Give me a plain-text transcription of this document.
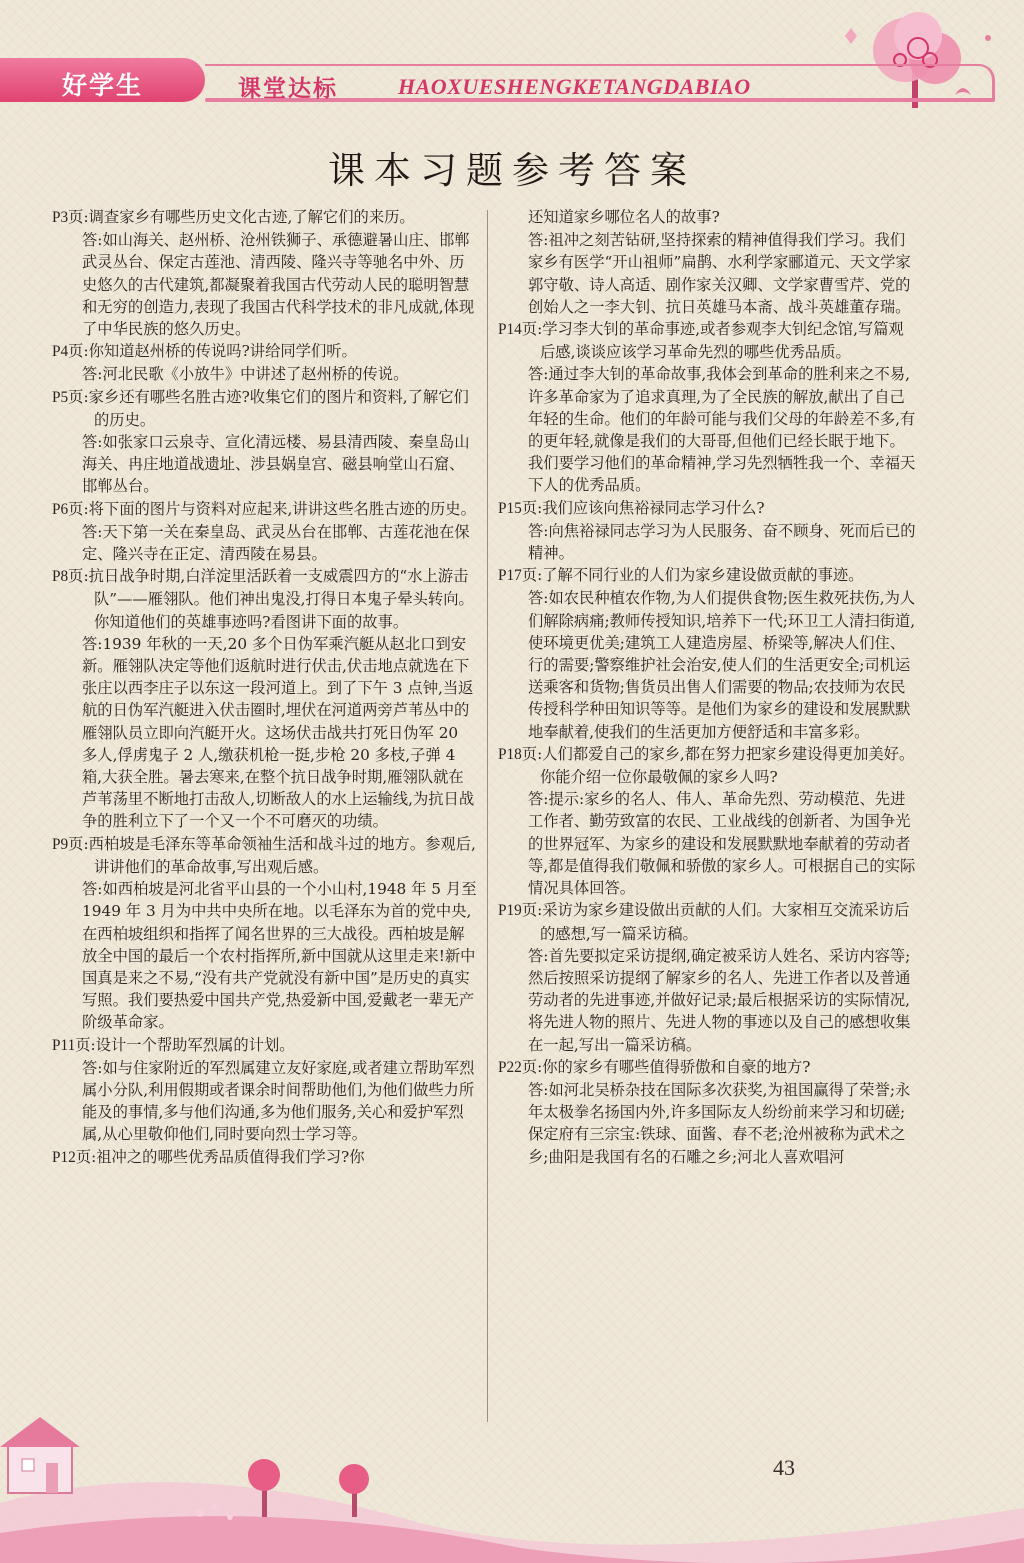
好学生	课堂达标	HAOXUESHENGKETANGDABIAO
课本习题参考答案
P3页:调查家乡有哪些历史文化古迹,了解它们的来历。
答:如山海关、赵州桥、沧州铁狮子、承德避暑山庄、邯郸武灵丛台、保定古莲池、清西陵、隆兴寺等驰名中外、历史悠久的古代建筑,都凝聚着我国古代劳动人民的聪明智慧和无穷的创造力,表现了我国古代科学技术的非凡成就,体现了中华民族的悠久历史。
P4页:你知道赵州桥的传说吗?讲给同学们听。
答:河北民歌《小放牛》中讲述了赵州桥的传说。
P5页:家乡还有哪些名胜古迹?收集它们的图片和资料,了解它们的历史。
答:如张家口云泉寺、宣化清远楼、易县清西陵、秦皇岛山海关、冉庄地道战遗址、涉县娲皇宫、磁县响堂山石窟、邯郸丛台。
P6页:将下面的图片与资料对应起来,讲讲这些名胜古迹的历史。
答:天下第一关在秦皇岛、武灵丛台在邯郸、古莲花池在保定、隆兴寺在正定、清西陵在易县。
P8页:抗日战争时期,白洋淀里活跃着一支威震四方的“水上游击队”——雁翎队。他们神出鬼没,打得日本鬼子晕头转向。你知道他们的英雄事迹吗?看图讲下面的故事。
答:1939 年秋的一天,20 多个日伪军乘汽艇从赵北口到安新。雁翎队决定等他们返航时进行伏击,伏击地点就选在下张庄以西李庄子以东这一段河道上。到了下午 3 点钟,当返航的日伪军汽艇进入伏击圈时,埋伏在河道两旁芦苇丛中的雁翎队员立即向汽艇开火。这场伏击战共打死日伪军 20 多人,俘虏鬼子 2 人,缴获机枪一挺,步枪 20 多枝,子弹 4 箱,大获全胜。暑去寒来,在整个抗日战争时期,雁翎队就在芦苇荡里不断地打击敌人,切断敌人的水上运输线,为抗日战争的胜利立下了一个又一个不可磨灭的功绩。
P9页:西柏坡是毛泽东等革命领袖生活和战斗过的地方。参观后,讲讲他们的革命故事,写出观后感。
答:如西柏坡是河北省平山县的一个小山村,1948 年 5 月至 1949 年 3 月为中共中央所在地。以毛泽东为首的党中央,在西柏坡组织和指挥了闻名世界的三大战役。西柏坡是解放全中国的最后一个农村指挥所,新中国就从这里走来!新中国真是来之不易,“没有共产党就没有新中国”是历史的真实写照。我们要热爱中国共产党,热爱新中国,爱戴老一辈无产阶级革命家。
P11页:设计一个帮助军烈属的计划。
答:如与住家附近的军烈属建立友好家庭,或者建立帮助军烈属小分队,利用假期或者课余时间帮助他们,为他们做些力所能及的事情,多与他们沟通,多为他们服务,关心和爱护军烈属,从心里敬仰他们,同时要向烈士学习等。
P12页:祖冲之的哪些优秀品质值得我们学习?你
还知道家乡哪位名人的故事?
答:祖冲之刻苦钻研,坚持探索的精神值得我们学习。我们家乡有医学“开山祖师”扁鹊、水利学家郦道元、天文学家郭守敬、诗人高适、剧作家关汉卿、文学家曹雪芹、党的创始人之一李大钊、抗日英雄马本斋、战斗英雄董存瑞。
P14页:学习李大钊的革命事迹,或者参观李大钊纪念馆,写篇观后感,谈谈应该学习革命先烈的哪些优秀品质。
答:通过李大钊的革命故事,我体会到革命的胜利来之不易,许多革命家为了追求真理,为了全民族的解放,献出了自己年轻的生命。他们的年龄可能与我们父母的年龄差不多,有的更年轻,就像是我们的大哥哥,但他们已经长眠于地下。我们要学习他们的革命精神,学习先烈牺牲我一个、幸福天下人的优秀品质。
P15页:我们应该向焦裕禄同志学习什么?
答:向焦裕禄同志学习为人民服务、奋不顾身、死而后已的精神。
P17页:了解不同行业的人们为家乡建设做贡献的事迹。
答:如农民种植农作物,为人们提供食物;医生救死扶伤,为人们解除病痛;教师传授知识,培养下一代;环卫工人清扫街道,使环境更优美;建筑工人建造房屋、桥梁等,解决人们住、行的需要;警察维护社会治安,使人们的生活更安全;司机运送乘客和货物;售货员出售人们需要的物品;农技师为农民传授科学种田知识等等。是他们为家乡的建设和发展默默地奉献着,使我们的生活更加方便舒适和丰富多彩。
P18页:人们都爱自己的家乡,都在努力把家乡建设得更加美好。你能介绍一位你最敬佩的家乡人吗?
答:提示:家乡的名人、伟人、革命先烈、劳动模范、先进工作者、勤劳致富的农民、工业战线的创新者、为国争光的世界冠军、为家乡的建设和发展默默地奉献着的劳动者等,都是值得我们敬佩和骄傲的家乡人。可根据自己的实际情况具体回答。
P19页:采访为家乡建设做出贡献的人们。大家相互交流采访后的感想,写一篇采访稿。
答:首先要拟定采访提纲,确定被采访人姓名、采访内容等;然后按照采访提纲了解家乡的名人、先进工作者以及普通劳动者的先进事迹,并做好记录;最后根据采访的实际情况,将先进人物的照片、先进人物的事迹以及自己的感想收集在一起,写出一篇采访稿。
P22页:你的家乡有哪些值得骄傲和自豪的地方?
答:如河北吴桥杂技在国际多次获奖,为祖国赢得了荣誉;永年太极拳名扬国内外,许多国际友人纷纷前来学习和切磋;保定府有三宗宝:铁球、面酱、春不老;沧州被称为武术之乡;曲阳是我国有名的石雕之乡;河北人喜欢唱河
43
